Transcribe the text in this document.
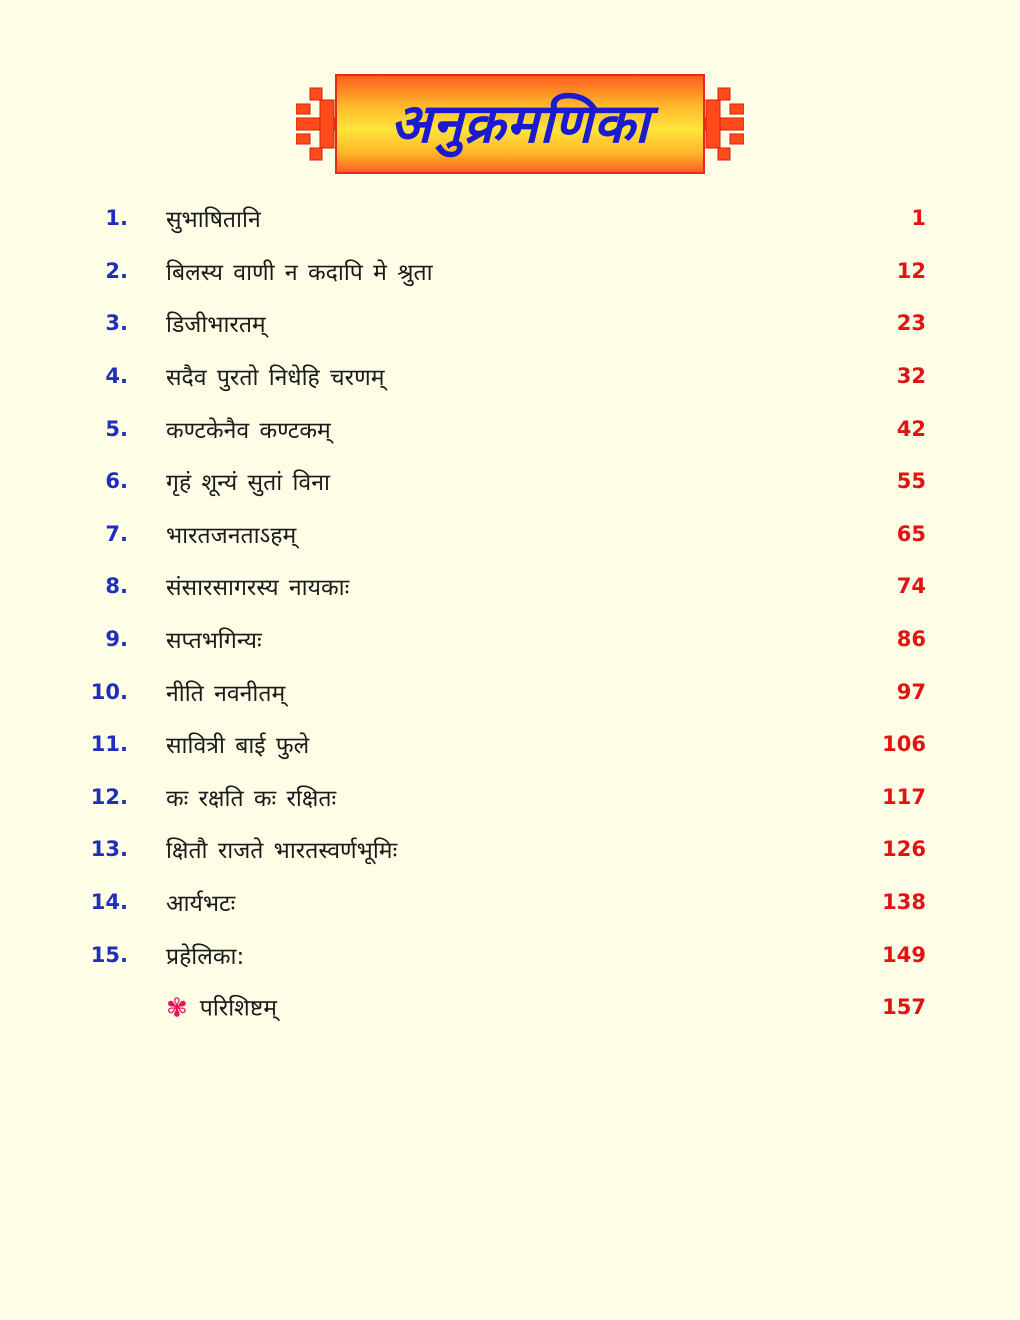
अनुक्रमणिका
1. सुभाषितानि	1
2. बिलस्य वाणी न कदापि मे श्रुता	12
3. डिजीभारतम्	23
4. सदैव पुरतो निधेहि चरणम्	32
5. कण्टकेनैव कण्टकम्	42
6. गृहं शून्यं सुतां विना	55
7. भारतजनताऽहम्	65
8. संसारसागरस्य नायकाः	74
9. सप्तभगिन्यः	86
10. नीति नवनीतम्	97
11. सावित्री बाई फुले	106
12. कः रक्षति कः रक्षितः	117
13. क्षितौ राजते भारतस्वर्णभूमिः	126
14. आर्यभटः	138
15. प्रहेलिका:	149
✾ परिशिष्टम्	157
